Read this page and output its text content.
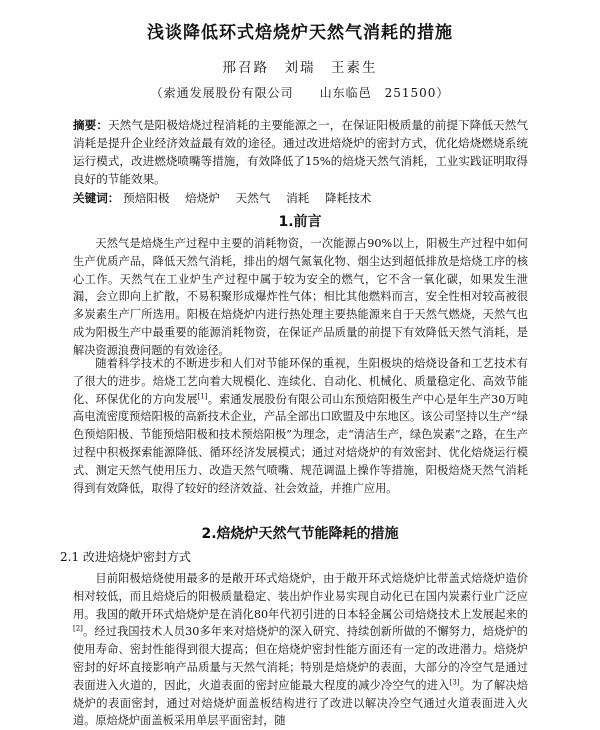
浅谈降低环式焙烧炉天然气消耗的措施
邢召路　刘瑞　王素生
（索通发展股份有限公司　　山东临邑　251500）
摘要：天然气是阳极焙烧过程消耗的主要能源之一，在保证阳极质量的前提下降低天然气消耗是提升企业经济效益最有效的途径。通过改进焙烧炉的密封方式，优化焙烧燃烧系统运行模式，改进燃烧喷嘴等措施，有效降低了15%的焙烧天然气消耗，工业实践证明取得良好的节能效果。
关键词： 预焙阳极 焙烧炉 天然气 消耗 降耗技术
1.前言

天然气是焙烧生产过程中主要的消耗物资，一次能源占90%以上，阳极生产过程中如何生产优质产品，降低天然气消耗，排出的烟气氮氧化物、烟尘达到超低排放是焙烧工序的核心工作。天然气在工业炉生产过程中属于较为安全的燃气，它不含一氧化碳，如果发生泄漏，会立即向上扩散，不易积聚形成爆炸性气体；相比其他燃料而言，安全性相对较高被很多炭素生产厂所选用。阳极在焙烧炉内进行热处理主要热能源来自于天然气燃烧，天然气也成为阳极生产中最重要的能源消耗物资，在保证产品质量的前提下有效降低天然气消耗，是解决资源浪费问题的有效途径。

随着科学技术的不断进步和人们对节能环保的重视，生阳极块的焙烧设备和工艺技术有了很大的进步。焙烧工艺向着大规模化、连续化、自动化、机械化、质量稳定化、高效节能化、环保优化的方向发展[1]。索通发展股份有限公司山东预焙阳极生产中心是年生产30万吨高电流密度预焙阳极的高新技术企业，产品全部出口欧盟及中东地区。该公司坚持以生产“绿色预焙阳极、节能预焙阳极和技术预焙阳极”为理念，走“清洁生产，绿色炭素”之路，在生产过程中积极探索能源降低、循环经济发展模式；通过对焙烧炉的有效密封、优化焙烧运行模式、测定天然气使用压力、改造天然气喷嘴、规范调温上操作等措施，阳极焙烧天然气消耗得到有效降低，取得了较好的经济效益、社会效益，并推广应用。

2.焙烧炉天然气节能降耗的措施
2.1 改进焙烧炉密封方式

目前阳极焙烧使用最多的是敞开环式焙烧炉，由于敞开环式焙烧炉比带盖式焙烧炉造价相对较低，而且焙烧后的阳极质量稳定、装出炉作业易实现自动化已在国内炭素行业广泛应用。我国的敞开环式焙烧炉是在消化80年代初引进的日本轻金属公司焙烧技术上发展起来的[2]。经过我国技术人员30多年来对焙烧炉的深入研究、持续创新所做的不懈努力，焙烧炉的使用寿命、密封性能得到很大提高；但在焙烧炉密封性能方面还有一定的改进潜力。焙烧炉密封的好坏直接影响产品质量与天然气消耗；特别是焙烧炉的表面，大部分的冷空气是通过表面进入火道的，因此，火道表面的密封应能最大程度的减少冷空气的进入[3]。为了解决焙烧炉的表面密封，通过对焙烧炉面盖板结构进行了改进以解决冷空气通过火道表面进入火道。原焙烧炉面盖板采用单层平面密封，随
